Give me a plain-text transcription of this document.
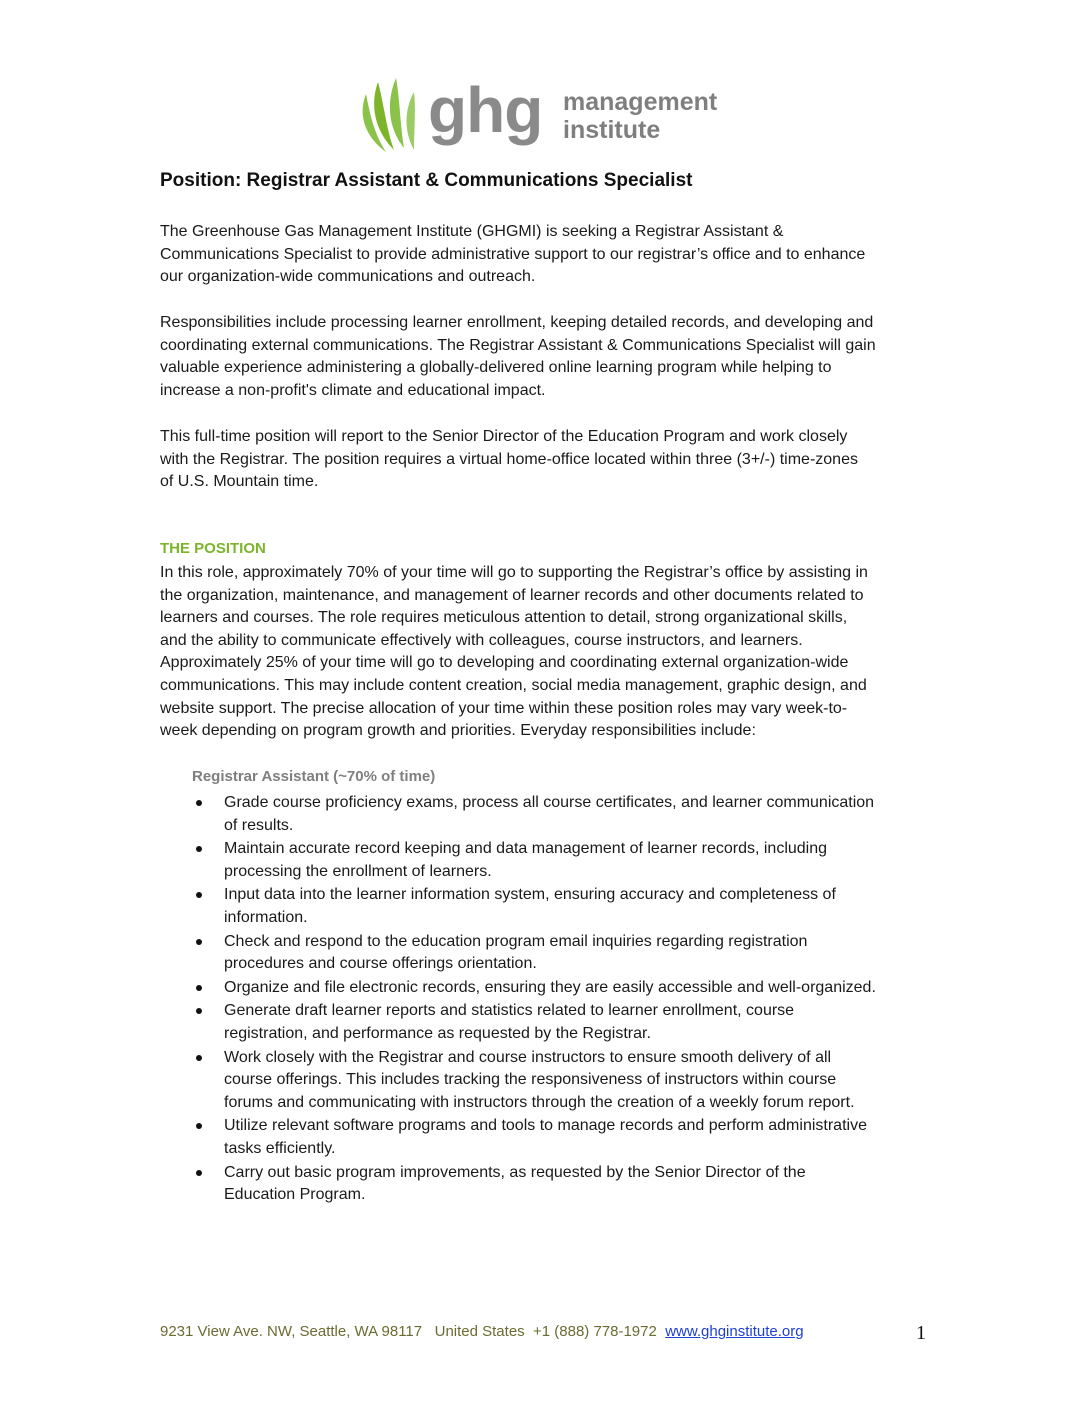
ghg management
institute
Position: Registrar Assistant & Communications Specialist
The Greenhouse Gas Management Institute (GHGMI) is seeking a Registrar Assistant &
Communications Specialist to provide administrative support to our registrar’s office and to enhance
our organization-wide communications and outreach.
Responsibilities include processing learner enrollment, keeping detailed records, and developing and
coordinating external communications. The Registrar Assistant & Communications Specialist will gain
valuable experience administering a globally-delivered online learning program while helping to
increase a non-profit's climate and educational impact.
This full-time position will report to the Senior Director of the Education Program and work closely
with the Registrar. The position requires a virtual home-office located within three (3+/-) time-zones
of U.S. Mountain time.
THE POSITION
In this role, approximately 70% of your time will go to supporting the Registrar’s office by assisting in
the organization, maintenance, and management of learner records and other documents related to
learners and courses. The role requires meticulous attention to detail, strong organizational skills,
and the ability to communicate effectively with colleagues, course instructors, and learners.
Approximately 25% of your time will go to developing and coordinating external organization-wide
communications. This may include content creation, social media management, graphic design, and
website support. The precise allocation of your time within these position roles may vary week-to-
week depending on program growth and priorities. Everyday responsibilities include:
Registrar Assistant (~70% of time)
Grade course proficiency exams, process all course certificates, and learner communication
of results.
Maintain accurate record keeping and data management of learner records, including
processing the enrollment of learners.
Input data into the learner information system, ensuring accuracy and completeness of
information.
Check and respond to the education program email inquiries regarding registration
procedures and course offerings orientation.
Organize and file electronic records, ensuring they are easily accessible and well-organized.
Generate draft learner reports and statistics related to learner enrollment, course
registration, and performance as requested by the Registrar.
Work closely with the Registrar and course instructors to ensure smooth delivery of all
course offerings. This includes tracking the responsiveness of instructors within course
forums and communicating with instructors through the creation of a weekly forum report.
Utilize relevant software programs and tools to manage records and perform administrative
tasks efficiently.
Carry out basic program improvements, as requested by the Senior Director of the
Education Program.
9231 View Ave. NW, Seattle, WA 98117   United States  +1 (888) 778-1972  www.ghginstitute.org	1
